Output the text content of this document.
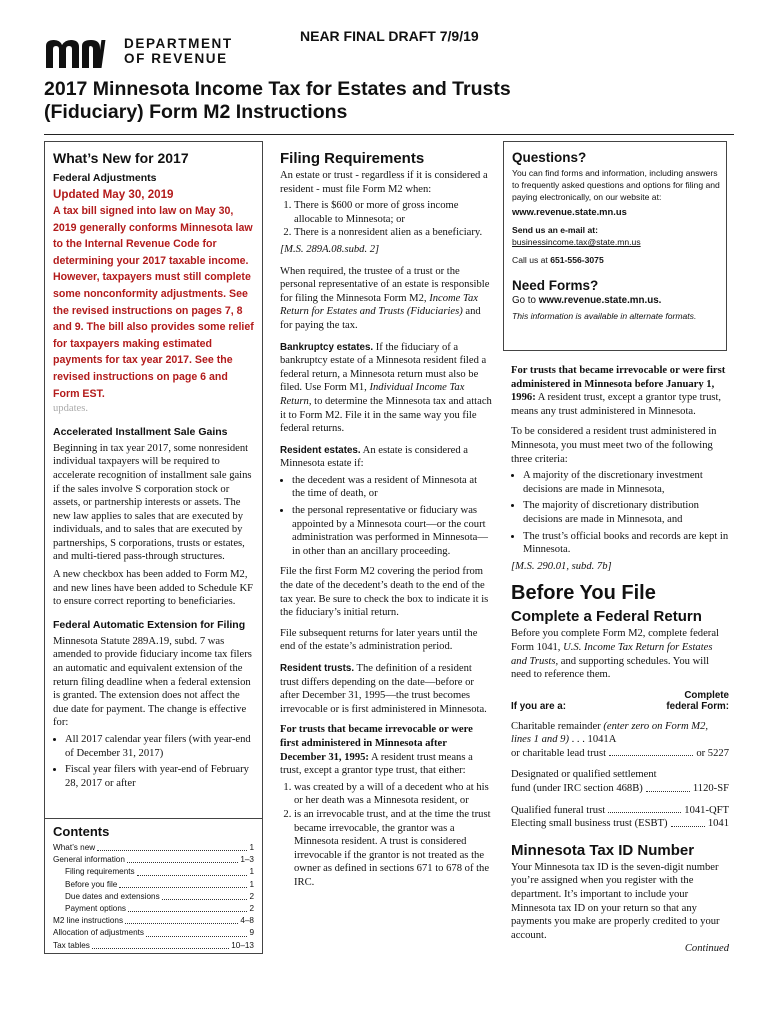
DEPARTMENT
OF REVENUE
NEAR FINAL DRAFT 7/9/19
2017 Minnesota Income Tax for Estates and Trusts
(Fiduciary) Form M2 Instructions
What’s New for 2017
Federal Adjustments
Updated May 30, 2019
A tax bill signed into law on May 30, 2019 generally conforms Minnesota law to the Internal Revenue Code for determining your 2017 taxable income. However, taxpayers must still complete some nonconformity adjustments. See the revised instructions on pages 7, 8 and 9. The bill also provides some relief for taxpayers making estimated payments for tax year 2017. See the revised instructions on page 6 and Form EST.
updates.
Accelerated Installment Sale Gains
Beginning in tax year 2017, some nonresident individual taxpayers will be required to accelerate recognition of installment sale gains if the sales involve S corporation stock or assets, or partnership interests or assets. The new law applies to sales that are executed by individuals, and to sales that are executed by partnerships, S corporations, trusts or estates, and multi-tiered pass-through structures.
A new checkbox has been added to Form M2, and new lines have been added to Schedule KF to ensure correct reporting to beneficiaries.
Federal Automatic Extension for Filing
Minnesota Statute 289A.19, subd. 7 was amended to provide fiduciary income tax filers an automatic and equivalent extension of the return filing deadline when a federal extension is granted. The extension does not affect the due date for payment. The change is effective for:
• All 2017 calendar year filers (with year-end of December 31, 2017)
• Fiscal year filers with year-end of February 28, 2017 or after
Contents
What’s new	1
General information	1–3
Filing requirements	1
Before you file	1
Due dates and extensions	2
Payment options	2
M2 line instructions	4–8
Allocation of adjustments	9
Tax tables	10–13
Filing Requirements
An estate or trust - regardless if it is considered a resident - must file Form M2 when:
1. There is $600 or more of gross income allocable to Minnesota; or
2. There is a nonresident alien as a beneficiary.
[M.S. 289A.08.subd. 2]
When required, the trustee of a trust or the personal representative of an estate is responsible for filing the Minnesota Form M2, Income Tax Return for Estates and Trusts (Fiduciaries) and for paying the tax.
Bankruptcy estates. If the fiduciary of a bankruptcy estate of a Minnesota resident filed a federal return, a Minnesota return must also be filed. Use Form M1, Individual Income Tax Return, to determine the Minnesota tax and attach it to Form M2. File it in the same way you file federal returns.
Resident estates. An estate is considered a Minnesota estate if:
• the decedent was a resident of Minnesota at the time of death, or
• the personal representative or fiduciary was appointed by a Minnesota court—or the court administration was performed in Minnesota—in other than an ancillary proceeding.
File the first Form M2 covering the period from the date of the decedent’s death to the end of the tax year. Be sure to check the box to indicate it is the fiduciary’s initial return.
File subsequent returns for later years until the end of the estate’s administration period.
Resident trusts. The definition of a resident trust differs depending on the date—before or after December 31, 1995—the trust becomes irrevocable or is first administered in Minnesota.
For trusts that became irrevocable or were first administered in Minnesota after December 31, 1995: A resident trust means a trust, except a grantor type trust, that either:
1. was created by a will of a decedent who at his or her death was a Minnesota resident, or
2. is an irrevocable trust, and at the time the trust became irrevocable, the grantor was a Minnesota resident. A trust is considered irrevocable if the grantor is not treated as the owner as defined in sections 671 to 678 of the IRC.
Questions?
You can find forms and information, including answers to frequently asked questions and options for filing and paying electronically, on our website at:
www.revenue.state.mn.us
Send us an e-mail at:
businessincome.tax@state.mn.us
Call us at 651-556-3075
Need Forms?
Go to www.revenue.state.mn.us.
This information is available in alternate formats.
For trusts that became irrevocable or were first administered in Minnesota before January 1, 1996: A resident trust, except a grantor type trust, means any trust administered in Minnesota.
To be considered a resident trust administered in Minnesota, you must meet two of the following three criteria:
• A majority of the discretionary investment decisions are made in Minnesota,
• The majority of discretionary distribution decisions are made in Minnesota, and
• The trust’s official books and records are kept in Minnesota.
[M.S. 290.01, subd. 7b]
Before You File
Complete a Federal Return
Before you complete Form M2, complete federal Form 1041, U.S. Income Tax Return for Estates and Trusts, and supporting schedules. You will need to reference them.
Complete
If you are a:	federal Form:
Charitable remainder (enter zero on Form M2, lines 1 and 9) . . . 1041A
or charitable lead trust	or 5227
Designated or qualified settlement
fund (under IRC section 468B)	1120-SF
Qualified funeral trust	1041-QFT
Electing small business trust (ESBT)	1041
Minnesota Tax ID Number
Your Minnesota tax ID is the seven-digit number you’re assigned when you register with the department. It’s important to include your Minnesota tax ID on your return so that any payments you make are properly credited to your account.
Continued
